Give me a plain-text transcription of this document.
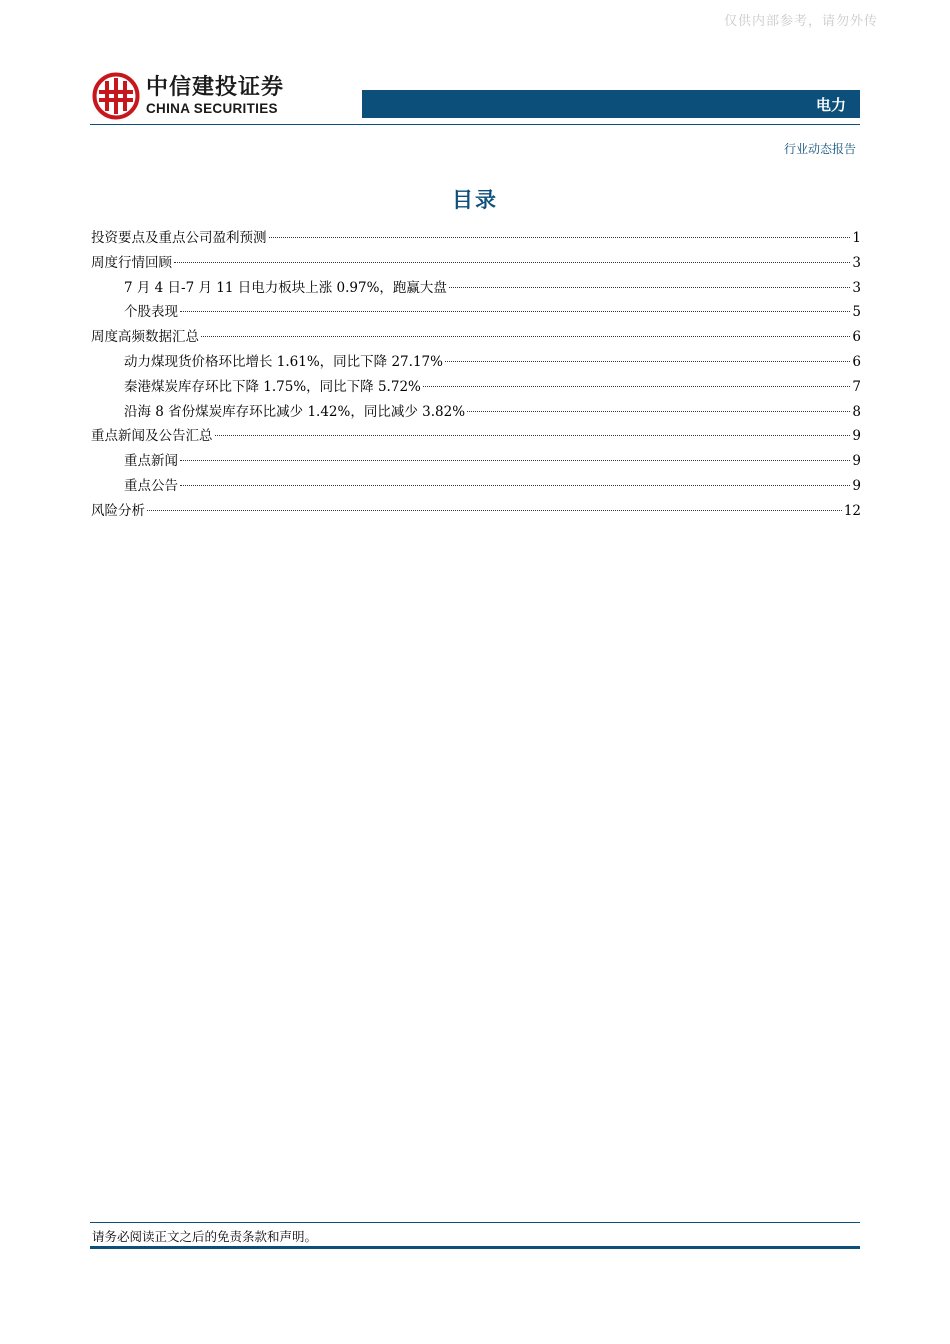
仅供内部参考，请勿外传
中信建投证券
CHINA SECURITIES	电力
行业动态报告
目录
投资要点及重点公司盈利预测	1
周度行情回顾	3
7 月 4 日-7 月 11 日电力板块上涨 0.97%，跑赢大盘	3
个股表现	5
周度高频数据汇总	6
动力煤现货价格环比增长 1.61%，同比下降 27.17%	6
秦港煤炭库存环比下降 1.75%，同比下降 5.72%	7
沿海 8 省份煤炭库存环比减少 1.42%，同比减少 3.82%	8
重点新闻及公告汇总	9
重点新闻	9
重点公告	9
风险分析	12
请务必阅读正文之后的免责条款和声明。
